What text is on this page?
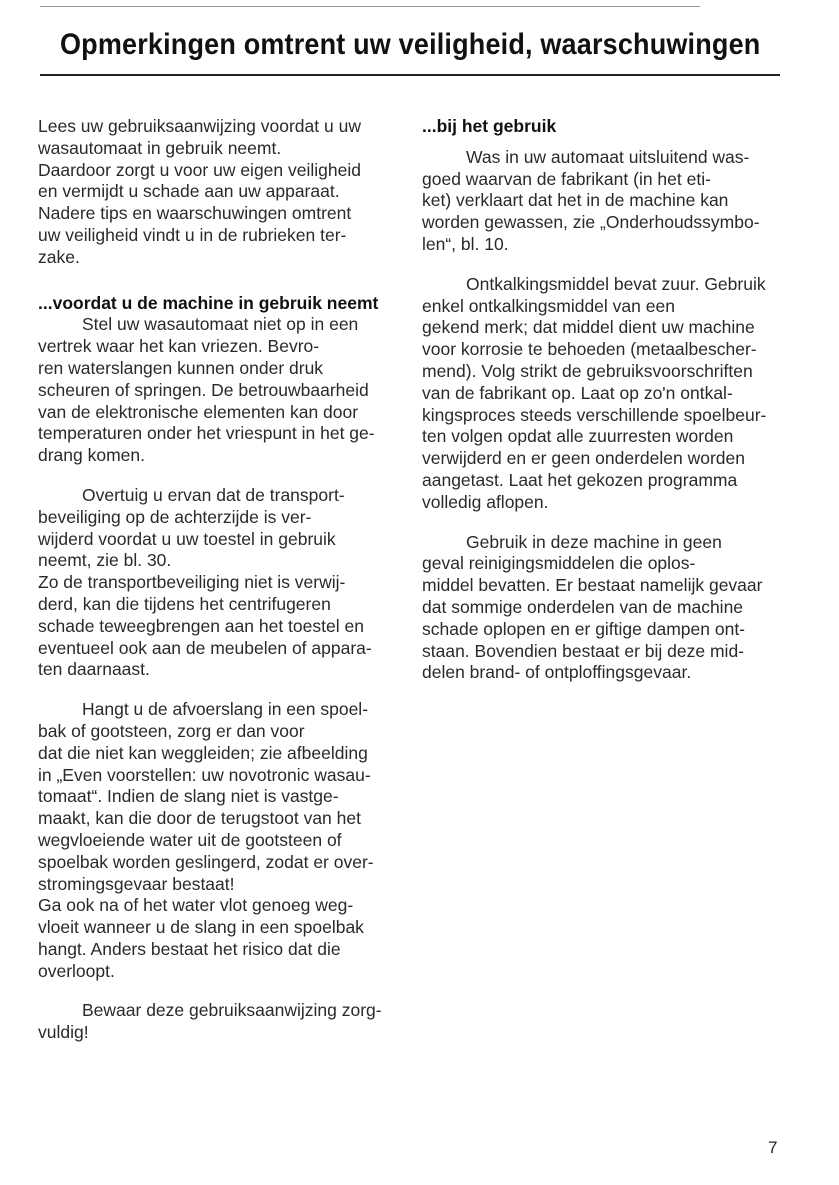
Opmerkingen omtrent uw veiligheid, waarschuwingen

Lees uw gebruiksaanwijzing voordat u uw
wasautomaat in gebruik neemt.
Daardoor zorgt u voor uw eigen veiligheid
en vermijdt u schade aan uw apparaat.
Nadere tips en waarschuwingen omtrent
uw veiligheid vindt u in de rubrieken ter-
zake.

...voordat u de machine in gebruik neemt

Stel uw wasautomaat niet op in een
vertrek waar het kan vriezen. Bevro-
ren waterslangen kunnen onder druk
scheuren of springen. De betrouwbaarheid
van de elektronische elementen kan door
temperaturen onder het vriespunt in het ge-
drang komen.

Overtuig u ervan dat de transport-
beveiliging op de achterzijde is ver-
wijderd voordat u uw toestel in gebruik
neemt, zie bl. 30.
Zo de transportbeveiliging niet is verwij-
derd, kan die tijdens het centrifugeren
schade teweegbrengen aan het toestel en
eventueel ook aan de meubelen of appara-
ten daarnaast.

Hangt u de afvoerslang in een spoel-
bak of gootsteen, zorg er dan voor
dat die niet kan weggleiden; zie afbeelding
in „Even voorstellen: uw novotronic wasau-
tomaat“. Indien de slang niet is vastge-
maakt, kan die door de terugstoot van het
wegvloeiende water uit de gootsteen of
spoelbak worden geslingerd, zodat er over-
stromingsgevaar bestaat!
Ga ook na of het water vlot genoeg weg-
vloeit wanneer u de slang in een spoelbak
hangt. Anders bestaat het risico dat die
overloopt.

Bewaar deze gebruiksaanwijzing zorg-
vuldig!

...bij het gebruik

Was in uw automaat uitsluitend was-
goed waarvan de fabrikant (in het eti-
ket) verklaart dat het in de machine kan
worden gewassen, zie „Onderhoudssymbo-
len“, bl. 10.

Ontkalkingsmiddel bevat zuur. Gebruik
enkel ontkalkingsmiddel van een
gekend merk; dat middel dient uw machine
voor korrosie te behoeden (metaalbescher-
mend). Volg strikt de gebruiksvoorschriften
van de fabrikant op. Laat op zo'n ontkal-
kingsproces steeds verschillende spoelbeur-
ten volgen opdat alle zuurresten worden
verwijderd en er geen onderdelen worden
aangetast. Laat het gekozen programma
volledig aflopen.

Gebruik in deze machine in geen
geval reinigingsmiddelen die oplos-
middel bevatten. Er bestaat namelijk gevaar
dat sommige onderdelen van de machine
schade oplopen en er giftige dampen ont-
staan. Bovendien bestaat er bij deze mid-
delen brand- of ontploffingsgevaar.

7
